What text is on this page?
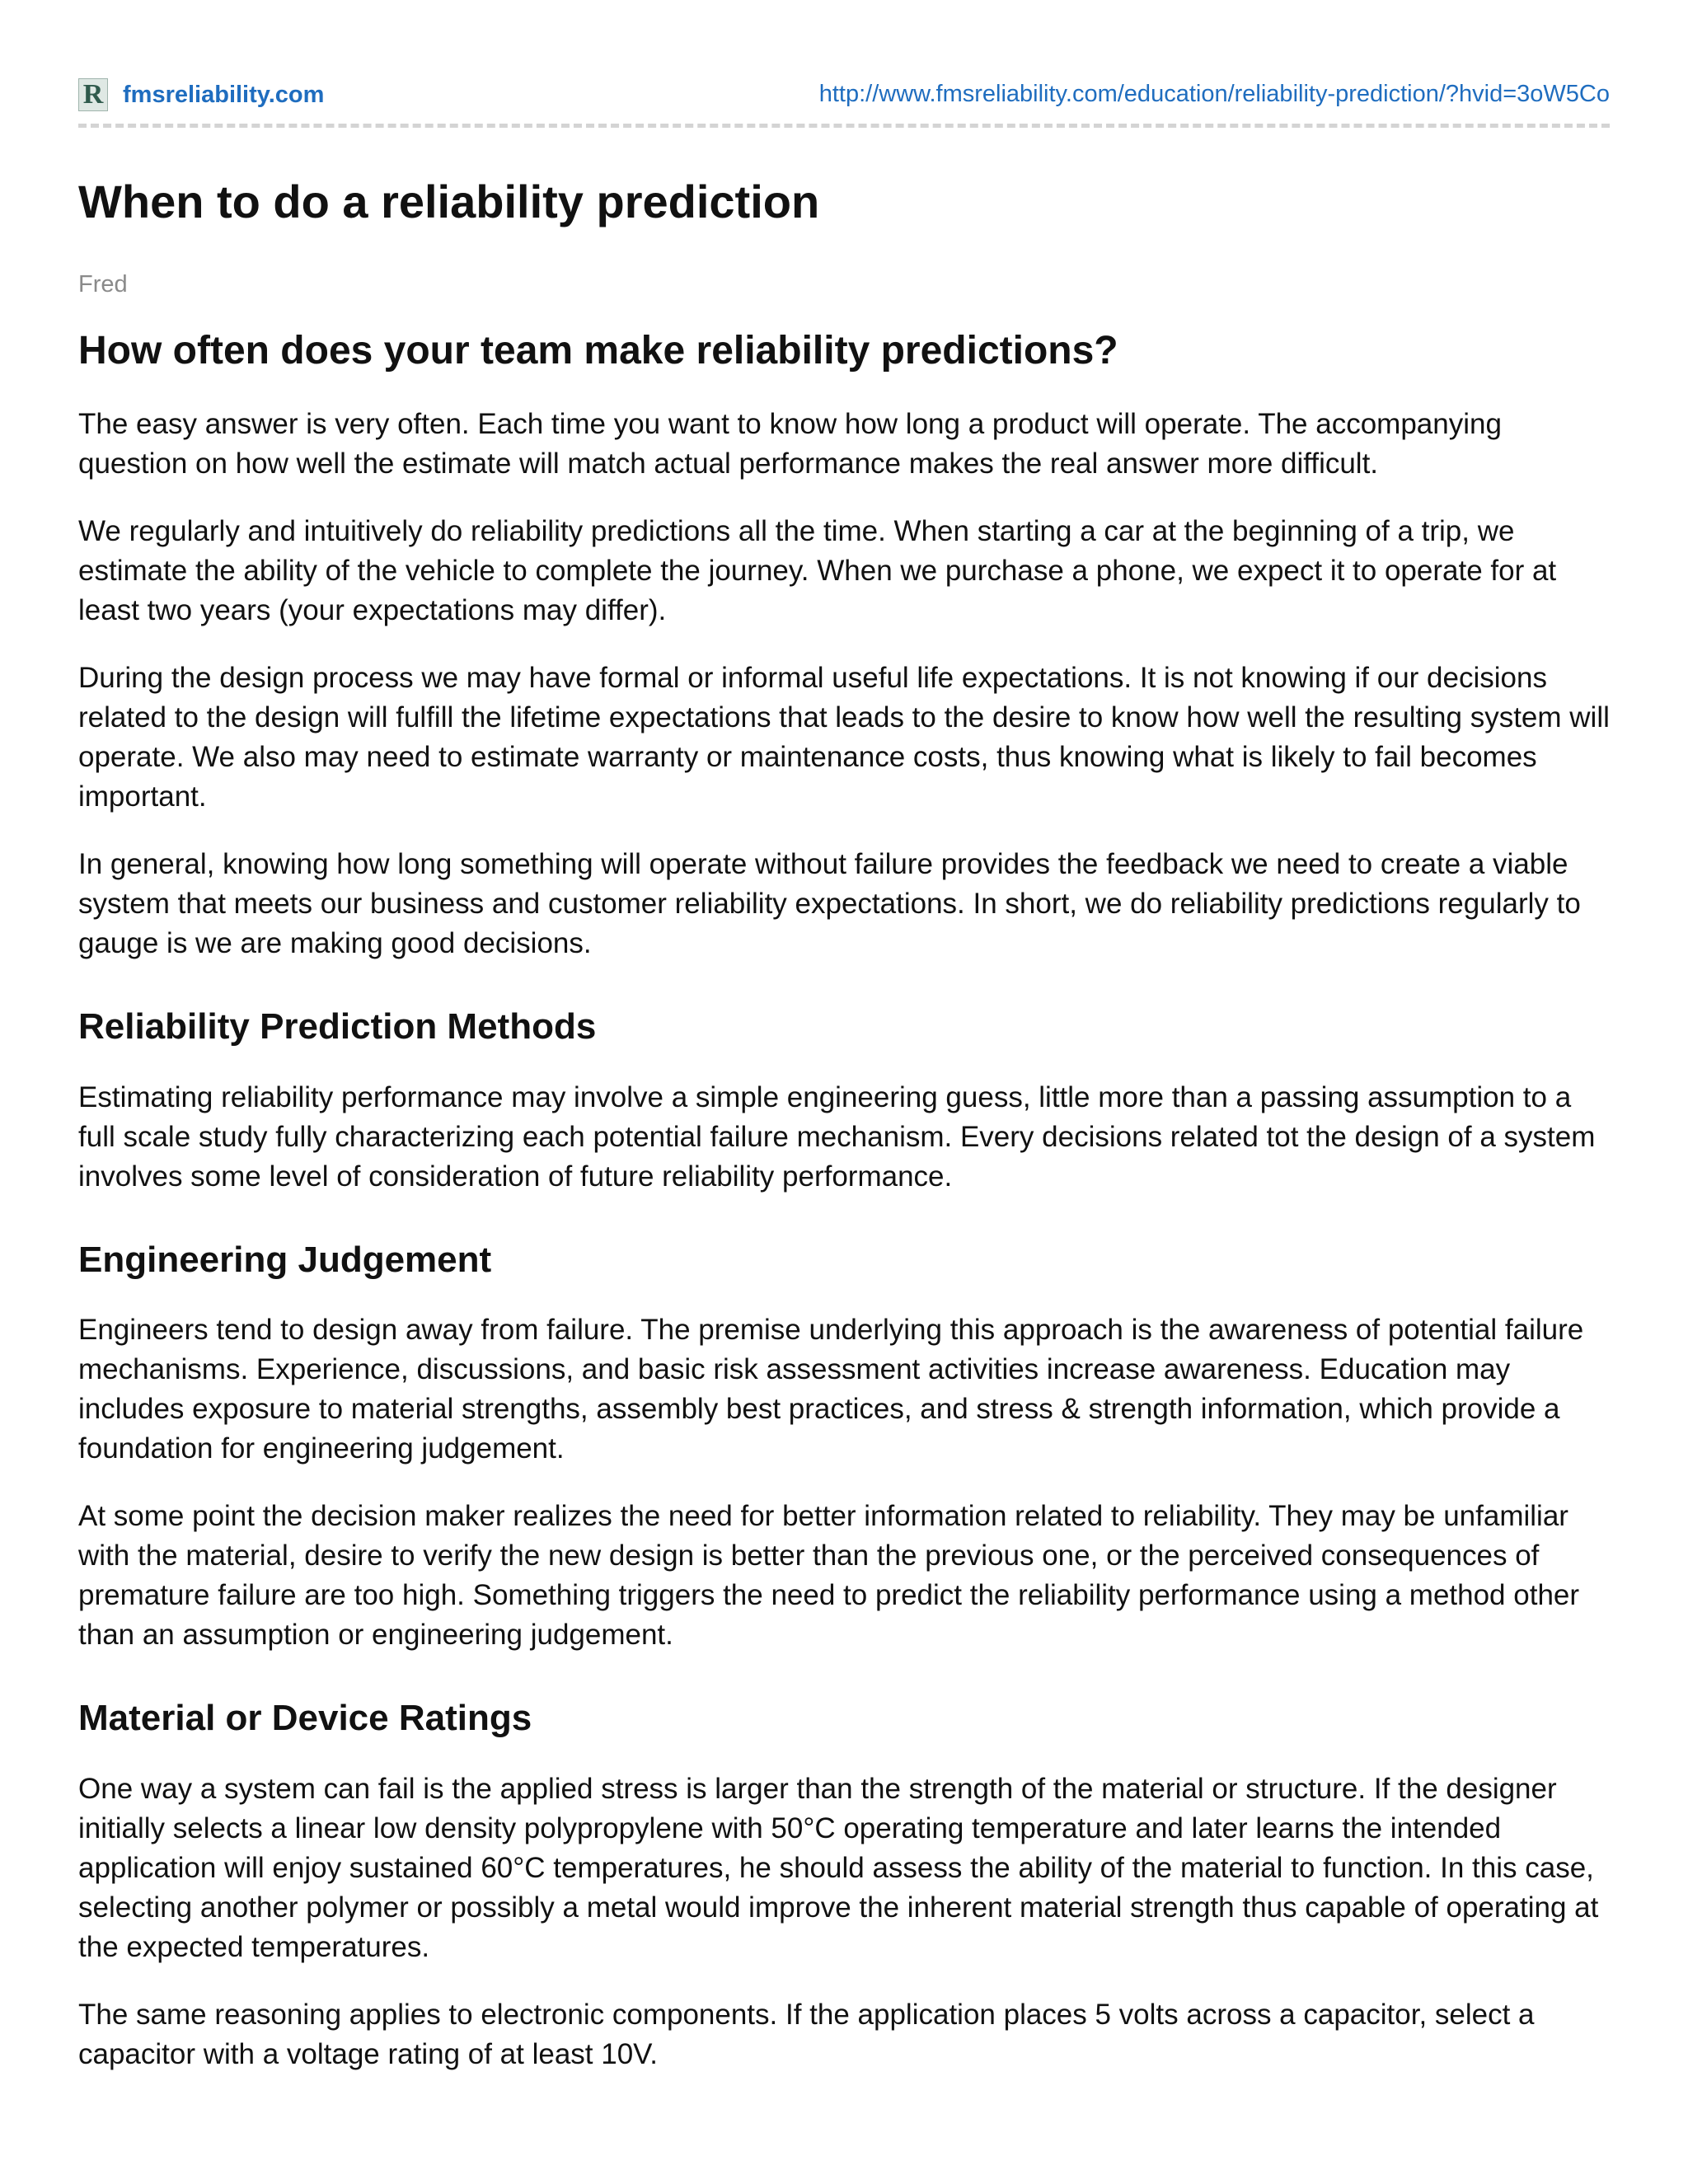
R fmsreliability.com	http://www.fmsreliability.com/education/reliability-prediction/?hvid=3oW5Co
When to do a reliability prediction
Fred
How often does your team make reliability predictions?

The easy answer is very often. Each time you want to know how long a product will operate. The accompanying question on how well the estimate will match actual performance makes the real answer more difficult.

We regularly and intuitively do reliability predictions all the time. When starting a car at the beginning of a trip, we estimate the ability of the vehicle to complete the journey. When we purchase a phone, we expect it to operate for at least two years (your expectations may differ).

During the design process we may have formal or informal useful life expectations. It is not knowing if our decisions related to the design will fulfill the lifetime expectations that leads to the desire to know how well the resulting system will operate. We also may need to estimate warranty or maintenance costs, thus knowing what is likely to fail becomes important.

In general, knowing how long something will operate without failure provides the feedback we need to create a viable system that meets our business and customer reliability expectations. In short, we do reliability predictions regularly to gauge is we are making good decisions.

Reliability Prediction Methods

Estimating reliability performance may involve a simple engineering guess, little more than a passing assumption to a full scale study fully characterizing each potential failure mechanism. Every decisions related tot the design of a system involves some level of consideration of future reliability performance.

Engineering Judgement

Engineers tend to design away from failure. The premise underlying this approach is the awareness of potential failure mechanisms. Experience, discussions, and basic risk assessment activities increase awareness. Education may includes exposure to material strengths, assembly best practices, and stress & strength information, which provide a foundation for engineering judgement.

At some point the decision maker realizes the need for better information related to reliability. They may be unfamiliar with the material, desire to verify the new design is better than the previous one, or the perceived consequences of premature failure are too high. Something triggers the need to predict the reliability performance using a method other than an assumption or engineering judgement.

Material or Device Ratings

One way a system can fail is the applied stress is larger than the strength of the material or structure. If the designer initially selects a linear low density polypropylene with 50°C operating temperature and later learns the intended application will enjoy sustained 60°C temperatures, he should assess the ability of the material to function. In this case, selecting another polymer or possibly a metal would improve the inherent material strength thus capable of operating at the expected temperatures.

The same reasoning applies to electronic components. If the application places 5 volts across a capacitor, select a capacitor with a voltage rating of at least 10V.
